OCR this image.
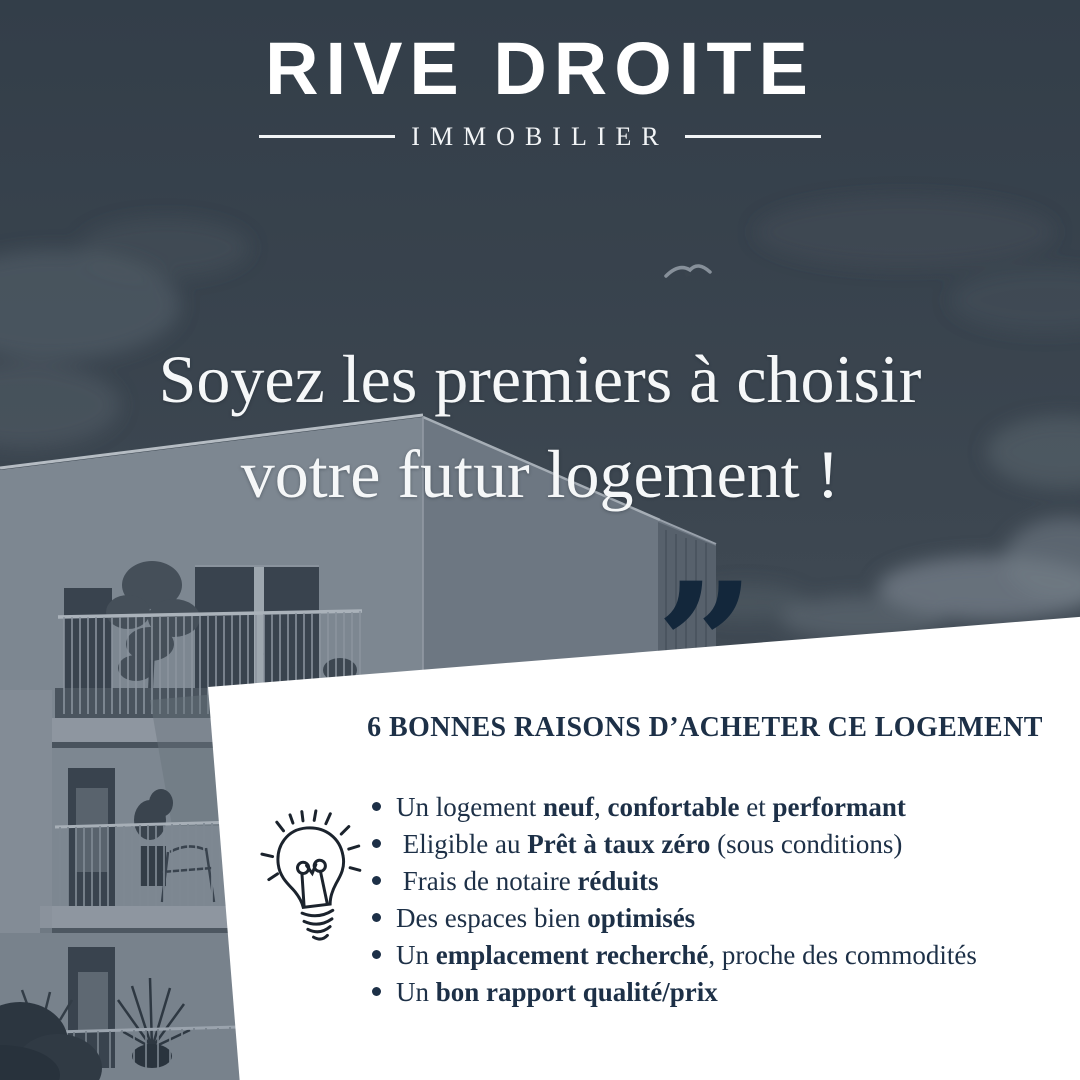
RIVE DROITE
IMMOBILIER
Soyez les premiers à choisir
votre futur logement !
”
6 BONNES RAISONS D’ACHETER CE LOGEMENT
Un logement neuf, confortable et performant
Eligible au Prêt à taux zéro (sous conditions)
Frais de notaire réduits
Des espaces bien optimisés
Un emplacement recherché, proche des commodités
Un bon rapport qualité/prix
